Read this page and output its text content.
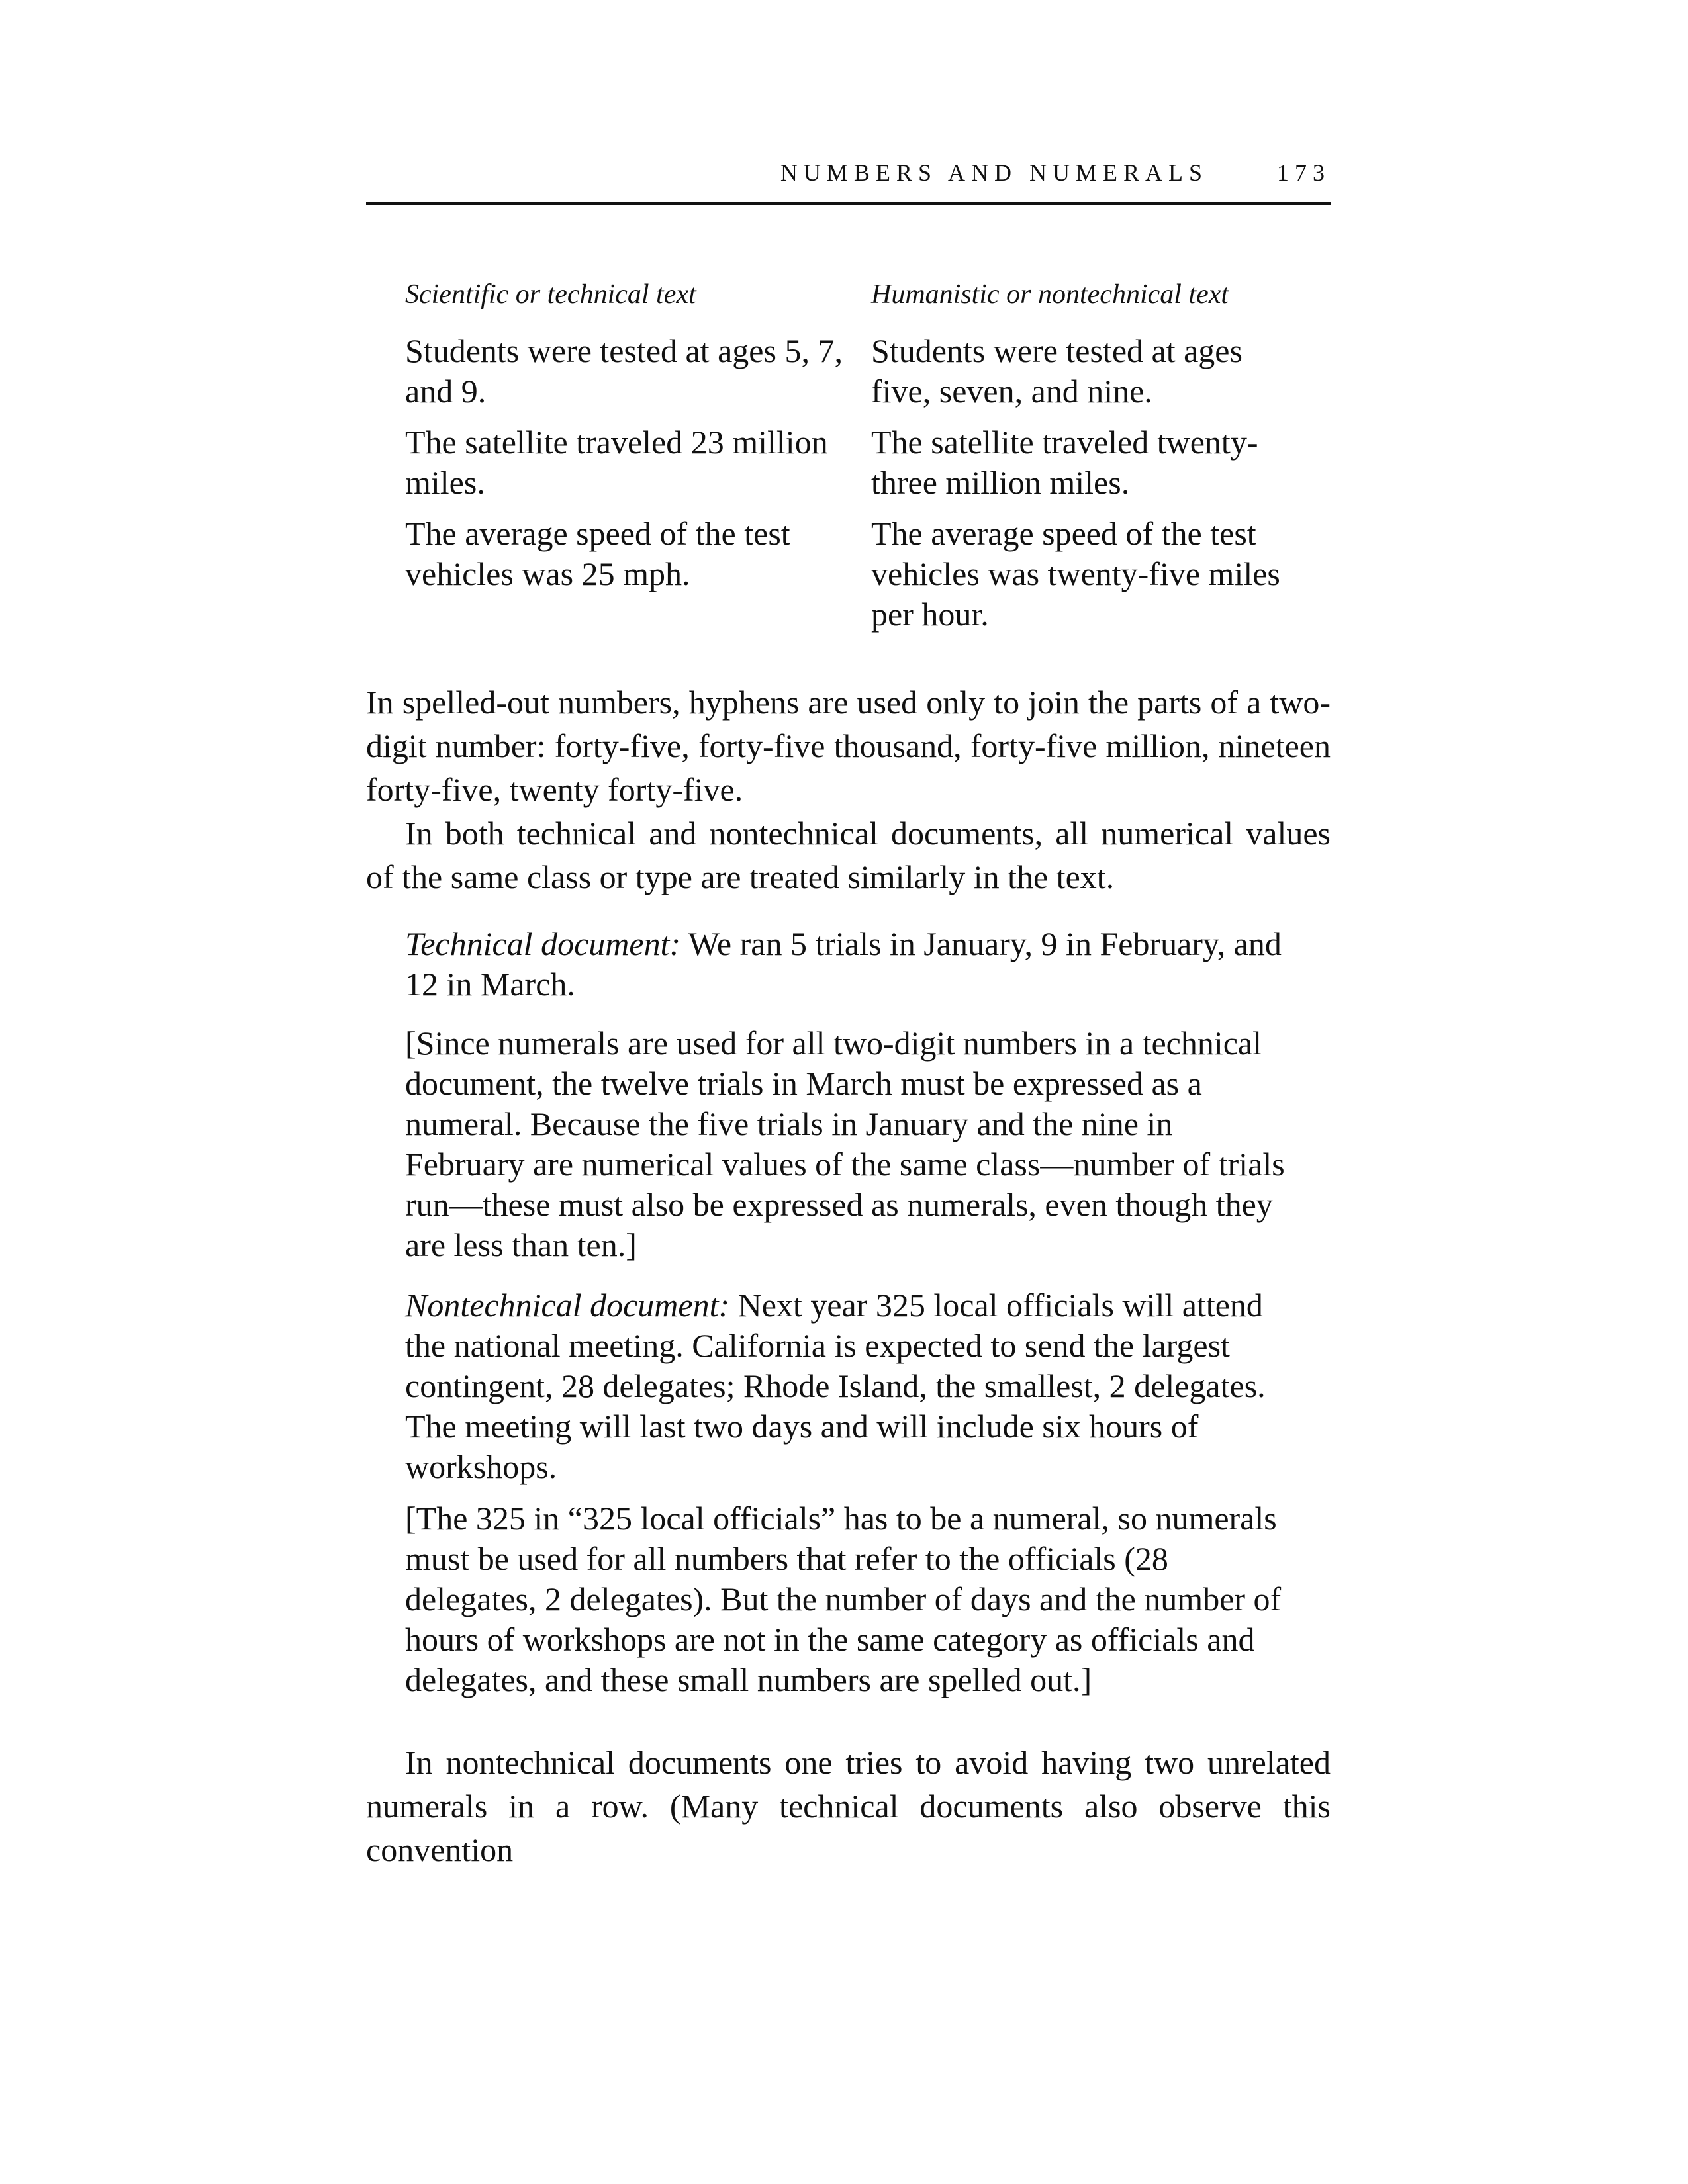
NUMBERS AND NUMERALS	173
Scientific or technical text
Students were tested at ages 5, 7, and 9.
The satellite traveled 23 million miles.
The average speed of the test vehicles was 25 mph.
Humanistic or nontechnical text
Students were tested at ages five, seven, and nine.
The satellite traveled twenty-three million miles.
The average speed of the test vehicles was twenty-five miles per hour.

In spelled-out numbers, hyphens are used only to join the parts of a two-digit number: forty-five, forty-five thousand, forty-five million, nineteen forty-five, twenty forty-five.

In both technical and nontechnical documents, all numerical values of the same class or type are treated similarly in the text.

Technical document: We ran 5 trials in January, 9 in February, and 12 in March.

[Since numerals are used for all two-digit numbers in a technical document, the twelve trials in March must be expressed as a numeral. Because the five trials in January and the nine in February are numerical values of the same class—number of trials run—these must also be expressed as numerals, even though they are less than ten.]

Nontechnical document: Next year 325 local officials will attend the national meeting. California is expected to send the largest contingent, 28 delegates; Rhode Island, the smallest, 2 delegates. The meeting will last two days and will include six hours of workshops.

[The 325 in “325 local officials” has to be a numeral, so numerals must be used for all numbers that refer to the officials (28 delegates, 2 delegates). But the number of days and the number of hours of workshops are not in the same category as officials and delegates, and these small numbers are spelled out.]

In nontechnical documents one tries to avoid having two unrelated numerals in a row. (Many technical documents also observe this convention
